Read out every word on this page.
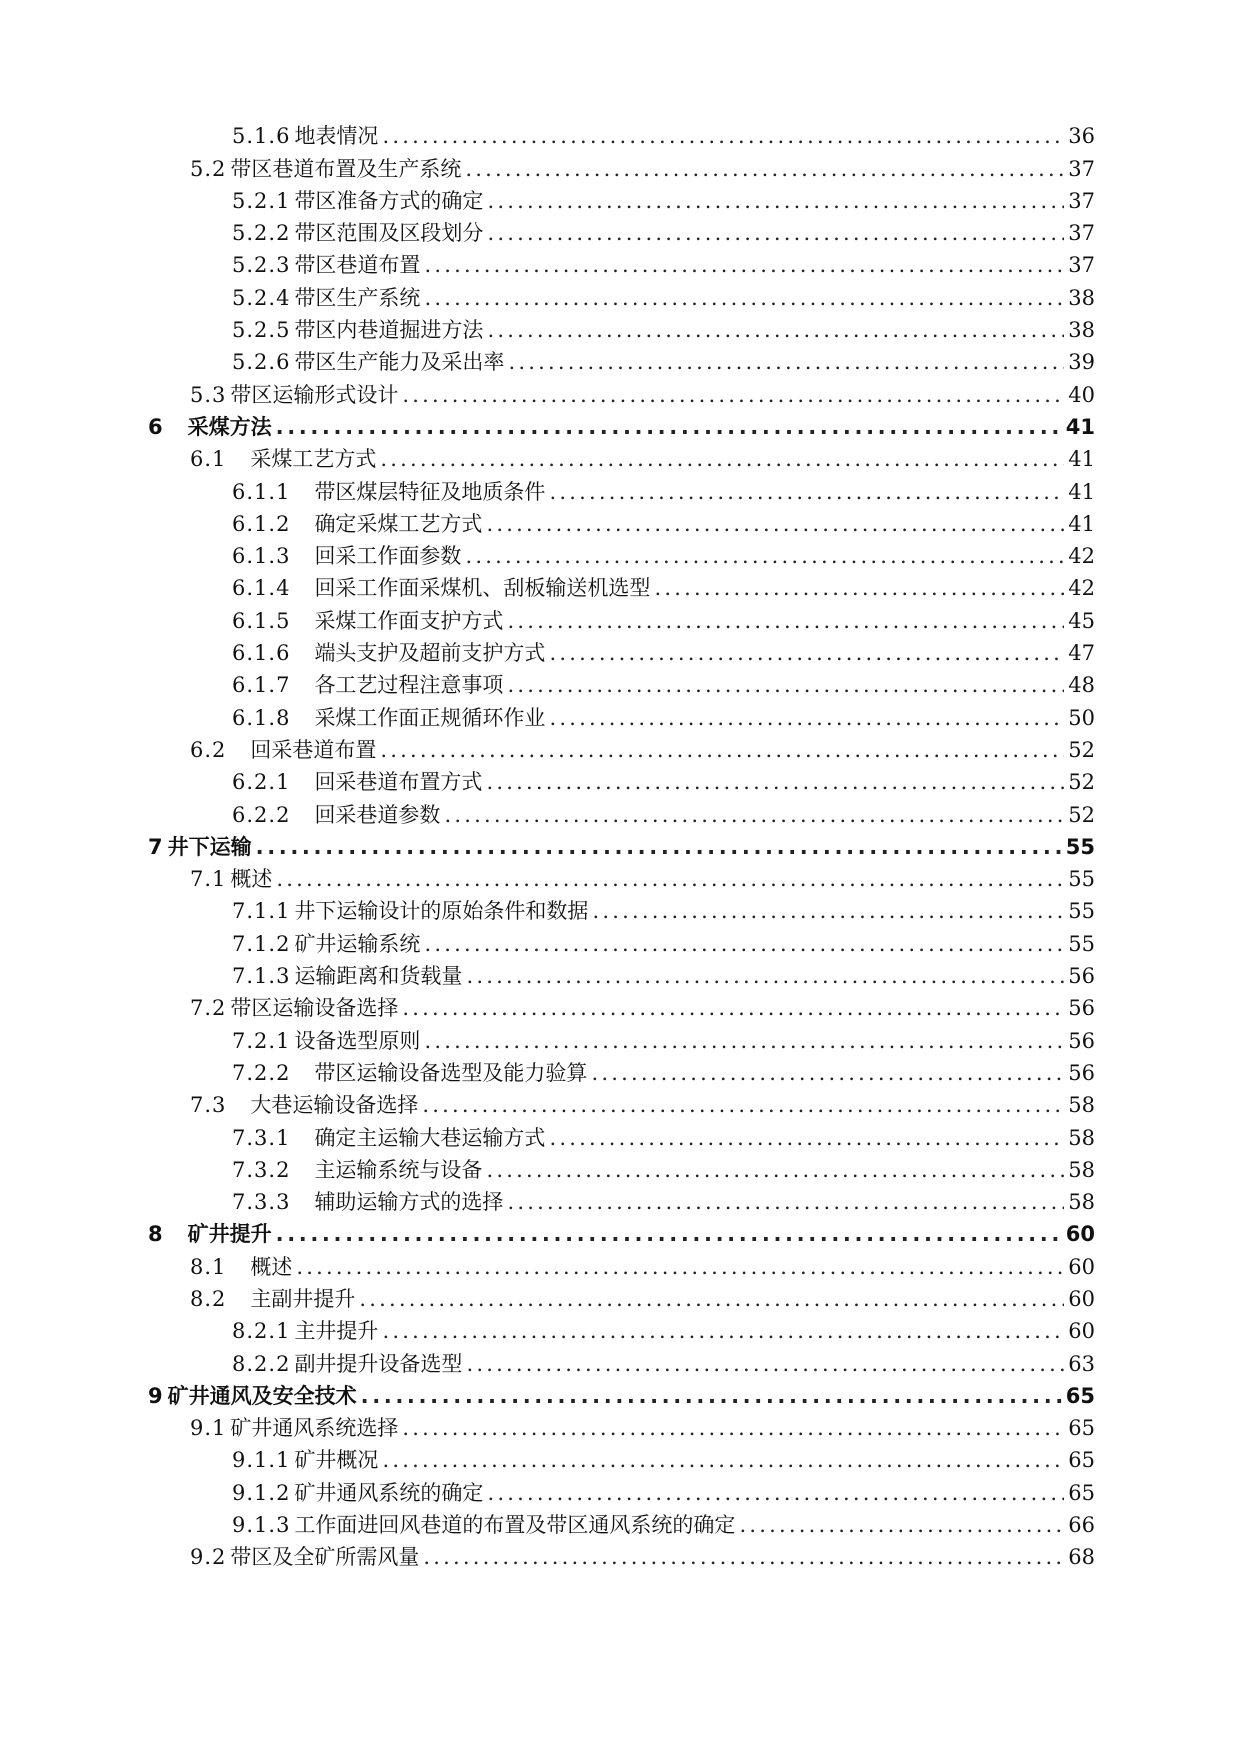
5.1.6 地表情况 .....	36
5.2 带区巷道布置及生产系统 .....	37
5.2.1 带区准备方式的确定 .....	37
5.2.2 带区范围及区段划分 .....	37
5.2.3 带区巷道布置 .....	37
5.2.4 带区生产系统 .....	38
5.2.5 带区内巷道掘进方法 .....	38
5.2.6 带区生产能力及采出率 .....	39
5.3 带区运输形式设计 .....	40
6 采煤方法 .....	41
6.1 采煤工艺方式 .....	41
6.1.1 带区煤层特征及地质条件 .....	41
6.1.2 确定采煤工艺方式 .....	41
6.1.3 回采工作面参数 .....	42
6.1.4 回采工作面采煤机、刮板输送机选型 .....	42
6.1.5 采煤工作面支护方式 .....	45
6.1.6 端头支护及超前支护方式 .....	47
6.1.7 各工艺过程注意事项 .....	48
6.1.8 采煤工作面正规循环作业 .....	50
6.2 回采巷道布置 .....	52
6.2.1 回采巷道布置方式 .....	52
6.2.2 回采巷道参数 .....	52
7 井下运输 .....	55
7.1 概述 .....	55
7.1.1 井下运输设计的原始条件和数据 .....	55
7.1.2 矿井运输系统 .....	55
7.1.3 运输距离和货载量 .....	56
7.2 带区运输设备选择 .....	56
7.2.1 设备选型原则 .....	56
7.2.2 带区运输设备选型及能力验算 .....	56
7.3 大巷运输设备选择 .....	58
7.3.1 确定主运输大巷运输方式 .....	58
7.3.2 主运输系统与设备 .....	58
7.3.3 辅助运输方式的选择 .....	58
8 矿井提升 .....	60
8.1 概述 .....	60
8.2 主副井提升 .....	60
8.2.1 主井提升 .....	60
8.2.2 副井提升设备选型 .....	63
9 矿井通风及安全技术 .....	65
9.1 矿井通风系统选择 .....	65
9.1.1 矿井概况 .....	65
9.1.2 矿井通风系统的确定 .....	65
9.1.3 工作面进回风巷道的布置及带区通风系统的确定 .....	66
9.2 带区及全矿所需风量 .....	68
